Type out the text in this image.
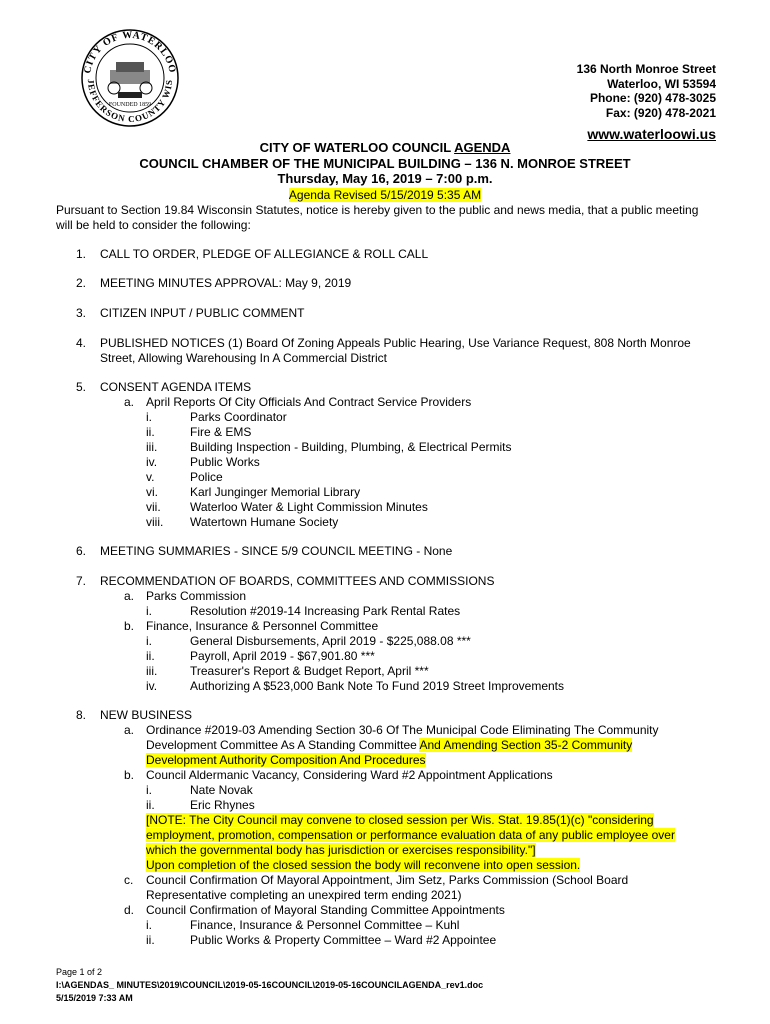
CITY OF WATERLOO
JEFFERSON COUNTY WIS
FOUNDED 1859
136 North Monroe Street
Waterloo, WI 53594
Phone: (920) 478-3025
Fax: (920) 478-2021
www.waterloowi.us
CITY OF WATERLOO COUNCIL AGENDA
COUNCIL CHAMBER OF THE MUNICIPAL BUILDING – 136 N. MONROE STREET
Thursday, May 16, 2019 – 7:00 p.m.
Agenda Revised 5/15/2019 5:35 AM
Pursuant to Section 19.84 Wisconsin Statutes, notice is hereby given to the public and news media, that a public meeting will be held to consider the following:
1. CALL TO ORDER, PLEDGE OF ALLEGIANCE & ROLL CALL
2. MEETING MINUTES APPROVAL: May 9, 2019
3. CITIZEN INPUT / PUBLIC COMMENT
4. PUBLISHED NOTICES (1) Board Of Zoning Appeals Public Hearing, Use Variance Request, 808 North Monroe Street, Allowing Warehousing In A Commercial District
5. CONSENT AGENDA ITEMS
a. April Reports Of City Officials And Contract Service Providers
i.	Parks Coordinator
ii.	Fire & EMS
iii.	Building Inspection - Building, Plumbing, & Electrical Permits
iv.	Public Works
v.	Police
vi.	Karl Junginger Memorial Library
vii.	Waterloo Water & Light Commission Minutes
viii.	Watertown Humane Society
6. MEETING SUMMARIES - SINCE 5/9 COUNCIL MEETING - None
7. RECOMMENDATION OF BOARDS, COMMITTEES AND COMMISSIONS
a. Parks Commission
i.	Resolution #2019-14 Increasing Park Rental Rates
b. Finance, Insurance & Personnel Committee
i.	General Disbursements, April 2019 - $225,088.08 ***
ii.	Payroll, April 2019 - $67,901.80 ***
iii.	Treasurer's Report & Budget Report, April ***
iv.	Authorizing A $523,000 Bank Note To Fund 2019 Street Improvements
8. NEW BUSINESS
a. Ordinance #2019-03 Amending Section 30-6 Of The Municipal Code Eliminating The Community Development Committee As A Standing Committee And Amending Section 35-2 Community Development Authority Composition And Procedures
b. Council Aldermanic Vacancy, Considering Ward #2 Appointment Applications
i.	Nate Novak
ii.	Eric Rhynes
[NOTE: The City Council may convene to closed session per Wis. Stat. 19.85(1)(c) "considering employment, promotion, compensation or performance evaluation data of any public employee over which the governmental body has jurisdiction or exercises responsibility."]
Upon completion of the closed session the body will reconvene into open session.
c. Council Confirmation Of Mayoral Appointment, Jim Setz, Parks Commission (School Board Representative completing an unexpired term ending 2021)
d. Council Confirmation of Mayoral Standing Committee Appointments
i.	Finance, Insurance & Personnel Committee – Kuhl
ii.	Public Works & Property Committee – Ward #2 Appointee
Page 1 of 2
I:\AGENDAS_ MINUTES\2019\COUNCIL\2019-05-16COUNCIL\2019-05-16COUNCILAGENDA_rev1.doc
5/15/2019 7:33 AM
